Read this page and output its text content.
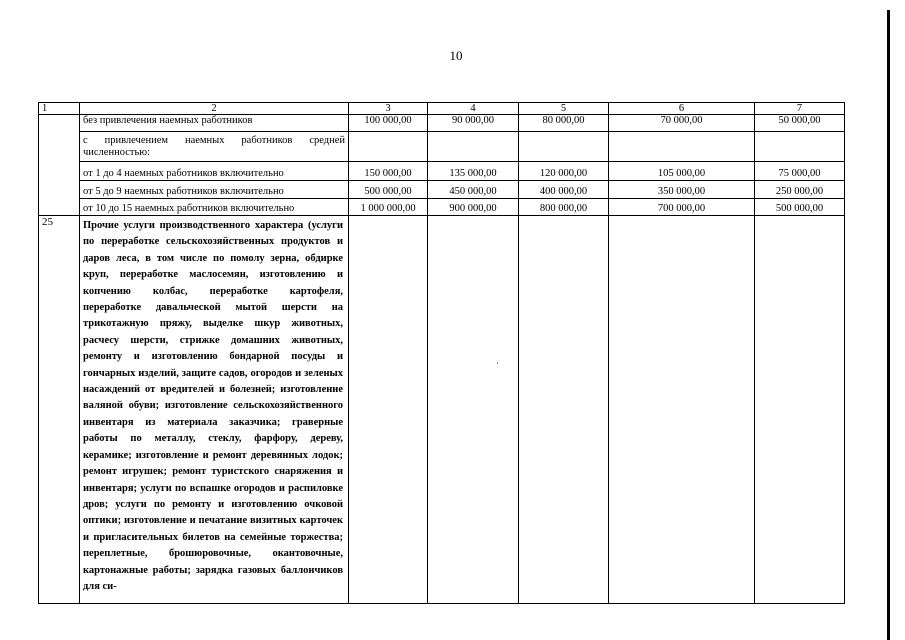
10
1	2	3	4	5	6	7
	без привлечения наемных работников	100 000,00	90 000,00	80 000,00	70 000,00	50 000,00
	с привлечением наемных работников средней численностью:					
	от 1 до 4 наемных работников включительно	150 000,00	135 000,00	120 000,00	105 000,00	75 000,00
	от 5 до 9 наемных работников включительно	500 000,00	450 000,00	400 000,00	350 000,00	250 000,00
	от 10 до 15 наемных работников включительно	1 000 000,00	900 000,00	800 000,00	700 000,00	500 000,00
25	Прочие услуги производственного характера (услуги по переработке сельскохозяйственных продуктов и даров леса, в том числе по помолу зерна, обдирке круп, переработке маслосемян, изготовлению и копчению колбас, переработке картофеля, переработке давальческой мытой шерсти на трикотажную пряжу, выделке шкур животных, расчесу шерсти, стрижке домашних животных, ремонту и изготовлению бондарной посуды и гончарных изделий, защите садов, огородов и зеленых насаждений от вредителей и болезней; изготовление валяной обуви; изготовление сельскохозяйственного инвентаря из материала заказчика; граверные работы по металлу, стеклу, фарфору, дереву, керамике; изготовление и ремонт деревянных лодок; ремонт игрушек; ремонт туристского снаряжения и инвентаря; услуги по вспашке огородов и распиловке дров; услуги по ремонту и изготовлению очковой оптики; изготовление и печатание визитных карточек и пригласительных билетов на семейные торжества; переплетные, брошюровочные, окантовочные, картонажные работы; зарядка газовых баллончиков для си-					
